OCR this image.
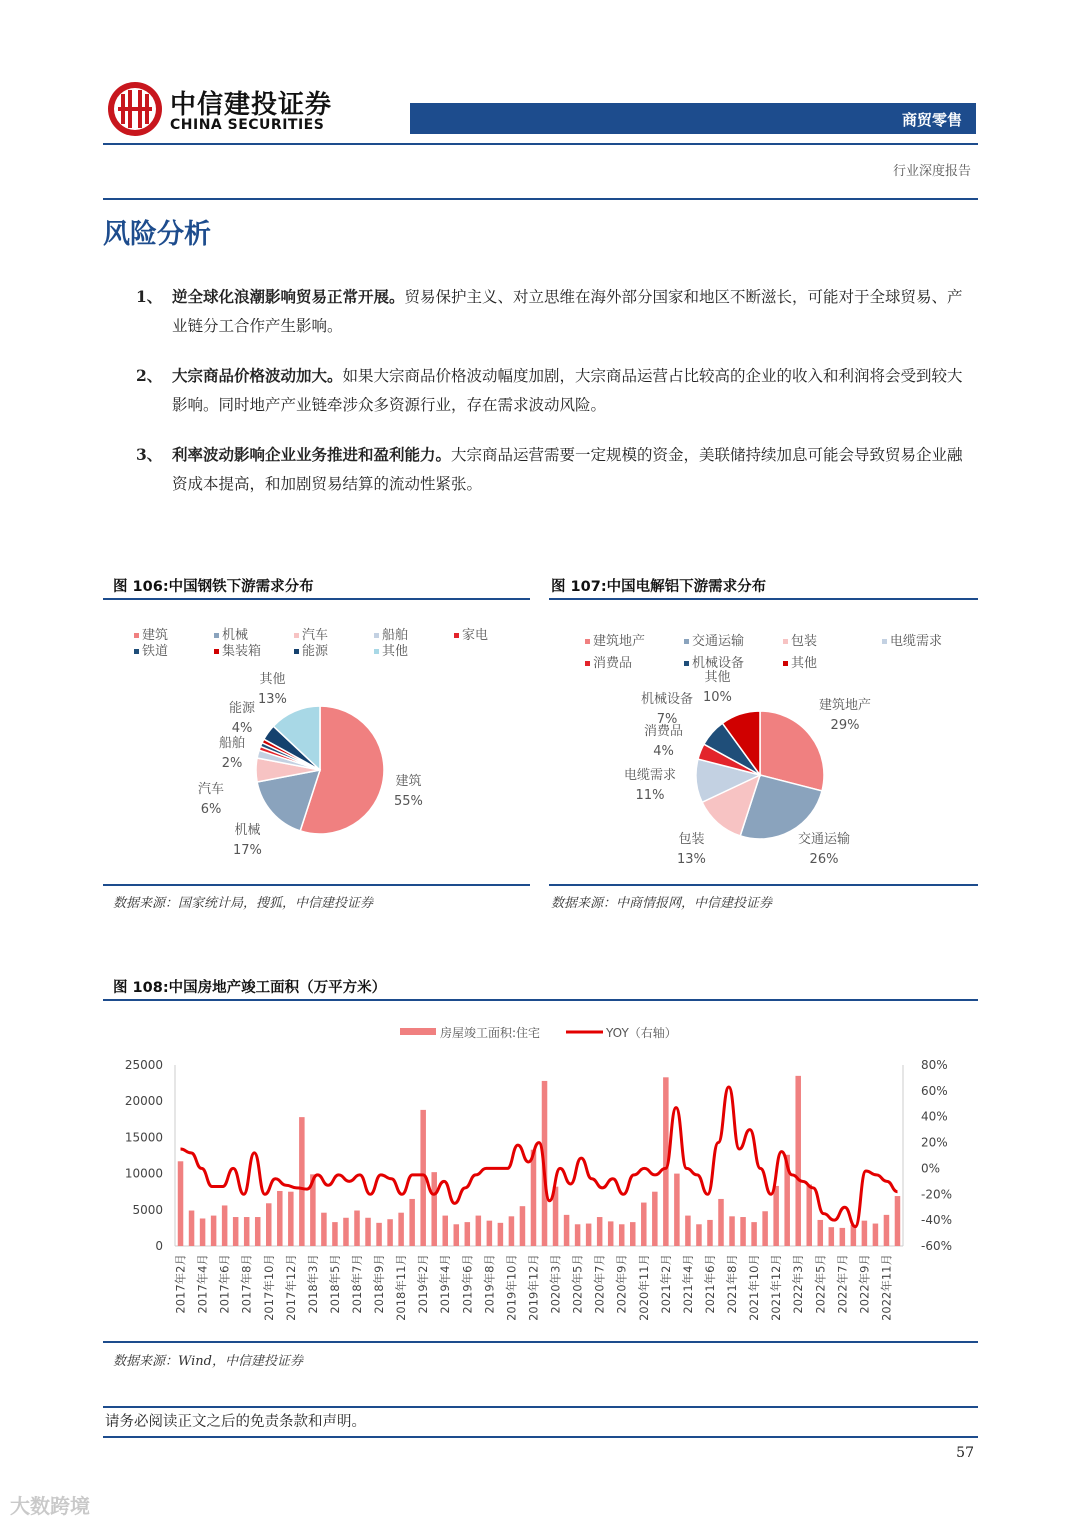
中信建投证券
CHINA SECURITIES	商贸零售
行业深度报告
风险分析
1、 逆全球化浪潮影响贸易正常开展。贸易保护主义、对立思维在海外部分国家和地区不断滋长，可能对于全球贸易、产业链分工合作产生影响。
2、 大宗商品价格波动加大。如果大宗商品价格波动幅度加剧，大宗商品运营占比较高的企业的收入和利润将会受到较大影响。同时地产产业链牵涉众多资源行业，存在需求波动风险。
3、 利率波动影响企业业务推进和盈利能力。大宗商品运营需要一定规模的资金，美联储持续加息可能会导致贸易企业融资成本提高，和加剧贸易结算的流动性紧张。
图 106:中国钢铁下游需求分布	图 107:中国电解铝下游需求分布
建筑	机械	汽车	船舶	家电
铁道	集装箱	能源	其他
建筑
55%
机械
17%
汽车
6%
船舶
2%
能源
4%
其他
13%
建筑地产	交通运输	包装	电缆需求
消费品	机械设备	其他
建筑地产
29%
交通运输
26%
包装
13%
电缆需求
11%
消费品
4%
机械设备
7%
其他
10%
数据来源：国家统计局，搜狐，中信建投证券	数据来源：中商情报网，中信建投证券
图 108:中国房地产竣工面积（万平方米）
房屋竣工面积:住宅	YOY（右轴）
0
5000
10000
15000
20000
25000
-60%
-40%
-20%
0%
20%
40%
60%
80%
2017年2月 2017年4月 2017年6月 2017年8月 2017年10月 2017年12月 2018年3月 2018年5月 2018年7月 2018年9月 2018年11月 2019年2月 2019年4月 2019年6月 2019年8月 2019年10月 2019年12月 2020年3月 2020年5月 2020年7月 2020年9月 2020年11月 2021年2月 2021年4月 2021年6月 2021年8月 2021年10月 2021年12月 2022年3月 2022年5月 2022年7月 2022年9月 2022年11月
数据来源：Wind，中信建投证券
请务必阅读正文之后的免责条款和声明。
57
大数跨境
